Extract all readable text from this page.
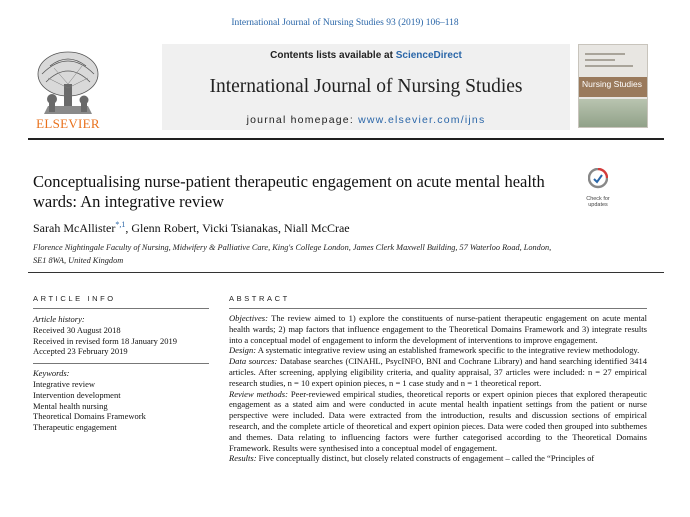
International Journal of Nursing Studies 93 (2019) 106–118
ELSEVIER
Contents lists available at ScienceDirect
International Journal of Nursing Studies
journal homepage: www.elsevier.com/ijns
Nursing Studies
Conceptualising nurse-patient therapeutic engagement on acute mental health wards: An integrative review	Check for
updates
Sarah McAllister$^{*,1}$, Glenn Robert, Vicki Tsianakas, Niall McCrae
Florence Nightingale Faculty of Nursing, Midwifery & Palliative Care, King's College London, James Clerk Maxwell Building, 57 Waterloo Road, London, SE1 8WA, United Kingdom
ARTICLE INFO	ABSTRACT
Article history:
Received 30 August 2018
Received in revised form 18 January 2019
Accepted 23 February 2019
Keywords:
Integrative review
Intervention development
Mental health nursing
Theoretical Domains Framework
Therapeutic engagement

Objectives: The review aimed to 1) explore the constituents of nurse-patient therapeutic engagement on acute mental health wards; 2) map factors that influence engagement to the Theoretical Domains Framework and 3) integrate results into a conceptual model of engagement to inform the development of interventions to improve engagement.

Design: A systematic integrative review using an established framework specific to the integrative review methodology.

Data sources: Database searches (CINAHL, PsycINFO, BNI and Cochrane Library) and hand searching identified 3414 articles. After screening, applying eligibility criteria, and quality appraisal, 37 articles were included: n = 27 empirical research studies, n = 10 expert opinion pieces, n = 1 case study and n = 1 theoretical report.

Review methods: Peer-reviewed empirical studies, theoretical reports or expert opinion pieces that explored therapeutic engagement as a stated aim and were conducted in acute mental health inpatient settings from the patient or nurse perspective were included. Data were extracted from the introduction, results and discussion sections of empirical research, and the complete article of theoretical and expert opinion pieces. Data were coded then grouped into subthemes and themes. Data relating to influencing factors were further categorised according to the Theoretical Domains Framework. Results were synthesised into a conceptual model of engagement.

Results: Five conceptually distinct, but closely related constructs of engagement – called the “Principles of
